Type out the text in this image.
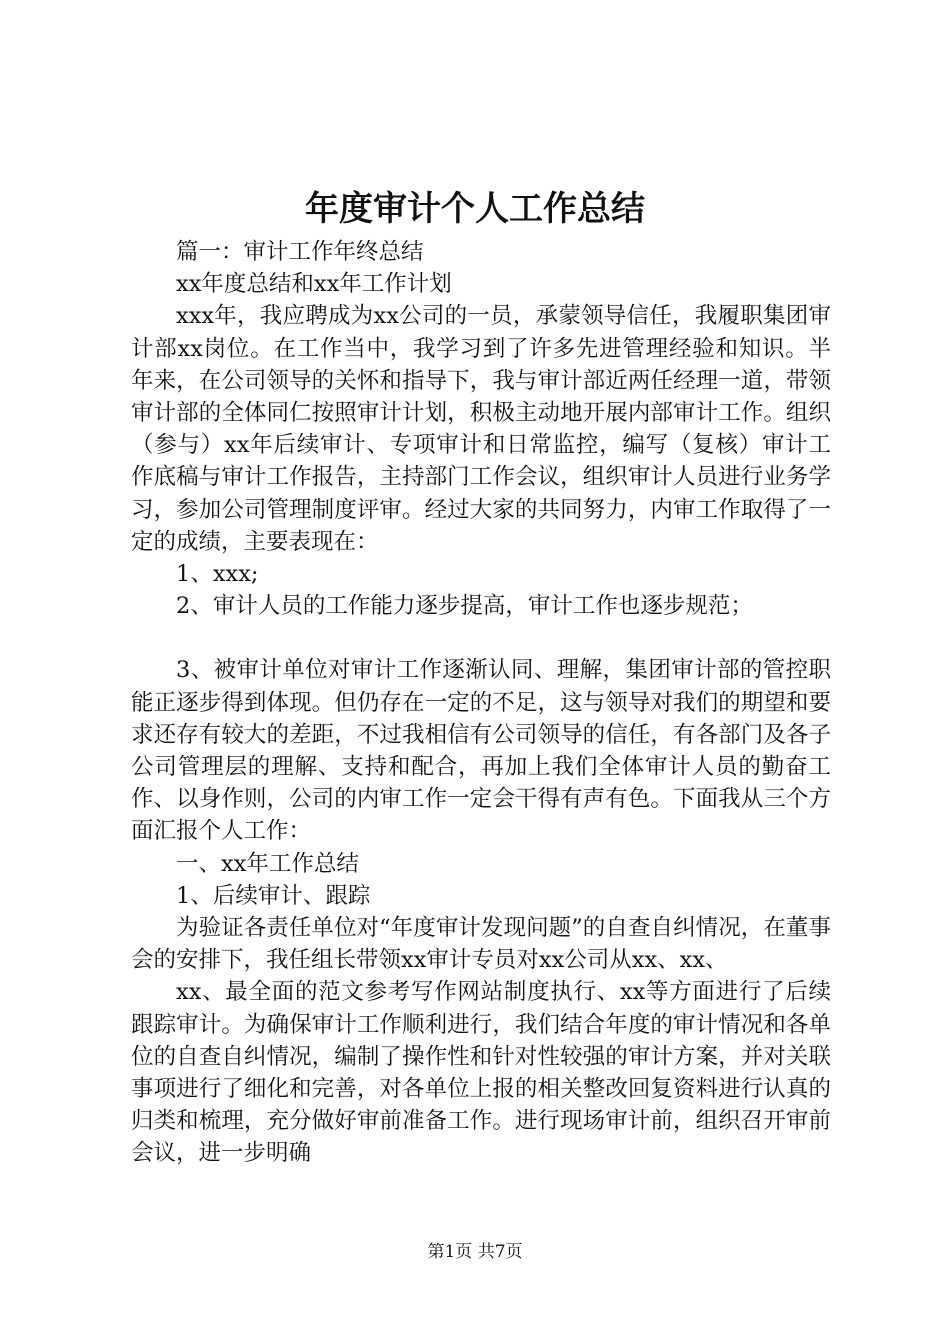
年度审计个人工作总结

篇一：审计工作年终总结

xx年度总结和xx年工作计划

xxx年，我应聘成为xx公司的一员，承蒙领导信任，我履职集团审计部xx岗位。在工作当中，我学习到了许多先进管理经验和知识。半年来，在公司领导的关怀和指导下，我与审计部近两任经理一道，带领审计部的全体同仁按照审计计划，积极主动地开展内部审计工作。组织（参与）xx年后续审计、专项审计和日常监控，编写（复核）审计工作底稿与审计工作报告，主持部门工作会议，组织审计人员进行业务学习，参加公司管理制度评审。经过大家的共同努力，内审工作取得了一定的成绩，主要表现在：

1、xxx;

2、审计人员的工作能力逐步提高，审计工作也逐步规范；

3、被审计单位对审计工作逐渐认同、理解，集团审计部的管控职能正逐步得到体现。但仍存在一定的不足，这与领导对我们的期望和要求还存有较大的差距，不过我相信有公司领导的信任，有各部门及各子公司管理层的理解、支持和配合，再加上我们全体审计人员的勤奋工作、以身作则，公司的内审工作一定会干得有声有色。下面我从三个方面汇报个人工作：

一、xx年工作总结

1、后续审计、跟踪

为验证各责任单位对“年度审计发现问题”的自查自纠情况，在董事会的安排下，我任组长带领xx审计专员对xx公司从xx、xx、

xx、最全面的范文参考写作网站制度执行、xx等方面进行了后续跟踪审计。为确保审计工作顺利进行，我们结合年度的审计情况和各单位的自查自纠情况，编制了操作性和针对性较强的审计方案，并对关联事项进行了细化和完善，对各单位上报的相关整改回复资料进行认真的归类和梳理，充分做好审前准备工作。进行现场审计前，组织召开审前会议，进一步明确

第1页 共7页
